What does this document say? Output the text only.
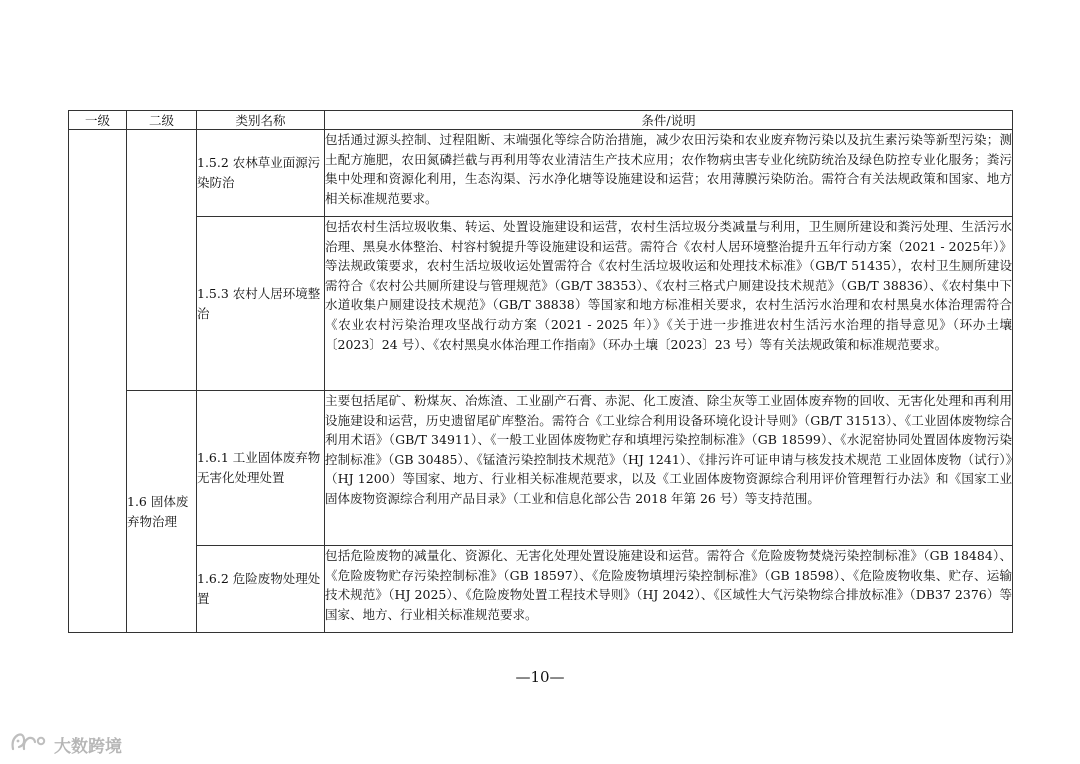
一级	二级	类别名称	条件/说明
		1.5.2 农林草业面源污染防治	包括通过源头控制、过程阻断、末端强化等综合防治措施，减少农田污染和农业废弃物污染以及抗生素污染等新型污染；测土配方施肥，农田氮磷拦截与再利用等农业清洁生产技术应用；农作物病虫害专业化统防统治及绿色防控专业化服务；粪污集中处理和资源化利用，生态沟渠、污水净化塘等设施建设和运营；农用薄膜污染防治。需符合有关法规政策和国家、地方相关标准规范要求。
		1.5.3 农村人居环境整治	包括农村生活垃圾收集、转运、处置设施建设和运营，农村生活垃圾分类减量与利用，卫生厕所建设和粪污处理、生活污水治理、黑臭水体整治、村容村貌提升等设施建设和运营。需符合《农村人居环境整治提升五年行动方案（2021 - 2025年）》等法规政策要求，农村生活垃圾收运处置需符合《农村生活垃圾收运和处理技术标准》（GB/T 51435），农村卫生厕所建设需符合《农村公共厕所建设与管理规范》（GB/T 38353）、《农村三格式户厕建设技术规范》（GB/T 38836）、《农村集中下水道收集户厕建设技术规范》（GB/T 38838）等国家和地方标准相关要求，农村生活污水治理和农村黑臭水体治理需符合《农业农村污染治理攻坚战行动方案（2021 - 2025 年）》《关于进一步推进农村生活污水治理的指导意见》（环办土壤〔2023〕24 号）、《农村黑臭水体治理工作指南》（环办土壤〔2023〕23 号）等有关法规政策和标准规范要求。
	1.6 固体废弃物治理	1.6.1 工业固体废弃物无害化处理处置	主要包括尾矿、粉煤灰、冶炼渣、工业副产石膏、赤泥、化工废渣、除尘灰等工业固体废弃物的回收、无害化处理和再利用设施建设和运营，历史遗留尾矿库整治。需符合《工业综合利用设备环境化设计导则》（GB/T 31513）、《工业固体废物综合利用术语》（GB/T 34911）、《一般工业固体废物贮存和填埋污染控制标准》（GB 18599）、《水泥窑协同处置固体废物污染控制标准》（GB 30485）、《锰渣污染控制技术规范》（HJ 1241）、《排污许可证申请与核发技术规范 工业固体废物（试行）》（HJ 1200）等国家、地方、行业相关标准规范要求，以及《工业固体废物资源综合利用评价管理暂行办法》和《国家工业固体废物资源综合利用产品目录》（工业和信息化部公告 2018 年第 26 号）等支持范围。
		1.6.2 危险废物处理处置	包括危险废物的减量化、资源化、无害化处理处置设施建设和运营。需符合《危险废物焚烧污染控制标准》（GB 18484）、《危险废物贮存污染控制标准》（GB 18597）、《危险废物填埋污染控制标准》（GB 18598）、《危险废物收集、贮存、运输技术规范》（HJ 2025）、《危险废物处置工程技术导则》（HJ 2042）、《区域性大气污染物综合排放标准》（DB37 2376）等国家、地方、行业相关标准规范要求。
—10—
大数跨境
